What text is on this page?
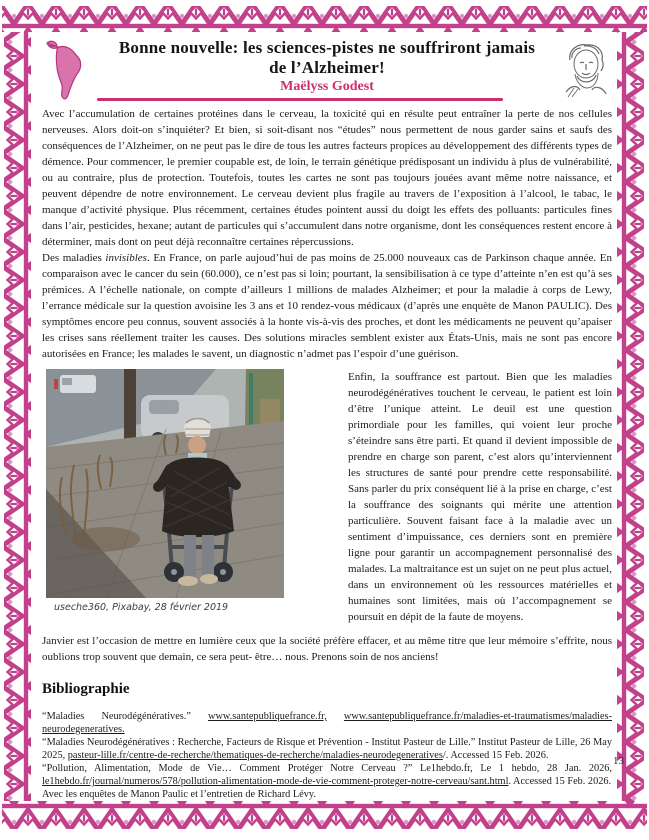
Bonne nouvelle: les sciences-pistes ne souffriront jamais
de l’Alzheimer!
Maëlyss Godest

Avec l’accumulation de certaines protéines dans le cerveau, la toxicité qui en résulte peut entraîner la perte de nos cellules nerveuses. Alors doit-on s’inquiéter? Et bien, si soit-disant nos “études” nous permettent de nous garder sains et saufs des conséquences de l’Alzheimer, on ne peut pas le dire de tous les autres facteurs propices au développement des différents types de démence. Pour commencer, le premier coupable est, de loin, le terrain génétique prédisposant un individu à plus de vulnérabilité, ou au contraire, plus de protection. Toutefois, toutes les cartes ne sont pas toujours jouées avant même notre naissance, et peuvent dépendre de notre environnement. Le cerveau devient plus fragile au travers de l’exposition à l’alcool, le tabac, le manque d’activité physique. Plus récemment, certaines études pointent aussi du doigt les effets des polluants: particules fines dans l’air, pesticides, hexane; autant de particules qui s’accumulent dans notre organisme, dont les conséquences restent encore à déterminer, mais dont on peut déjà reconnaître certaines répercussions.

Des maladies invisibles. En France, on parle aujoud’hui de pas moins de 25.000 nouveaux cas de Parkinson chaque année. En comparaison avec le cancer du sein (60.000), ce n’est pas si loin; pourtant, la sensibilisation à ce type d’atteinte n’en est qu’à ses prémices. A l’échelle nationale, on compte d’ailleurs 1 millions de malades Alzheimer; et pour la maladie à corps de Lewy, l’errance médicale sur la question avoisine les 3 ans et 10 rendez-vous médicaux (d’après une enquète de Manon PAULIC). Des symptômes encore peu connus, souvent associés à la honte vis-à-vis des proches, et dont les médicaments ne peuvent qu’apaiser les crises sans réellement traiter les causes. Des solutions miracles semblent exister aux États-Unis, mais ne sont pas encore autorisées en France; les malades le savent, un diagnostic n’admet pas l’espoir d’une guérison.

useche360, Pixabay, 28 février 2019

Enfin, la souffrance est partout. Bien que les maladies neurodégénératives touchent le cerveau, le patient est loin d’être l’unique atteint. Le deuil est une question primordiale pour les familles, qui voient leur proche s’éteindre sans être parti. Et quand il devient impossible de prendre en charge son parent, c’est alors qu’interviennent les structures de santé pour prendre cette responsabilité. Sans parler du prix conséquent lié à la prise en charge, c’est la souffrance des soignants qui mérite une attention particulière. Souvent faisant face à la maladie avec un sentiment d’impuissance, ces derniers sont en première ligne pour garantir un accompagnement personnalisé des malades. La maltraitance est un sujet on ne peut plus actuel, dans un environnement où les ressources matérielles et humaines sont limitées, mais où l’accompagnement se poursuit en dépit de la faute de moyens.

Janvier est l’occasion de mettre en lumière ceux que la société préfère effacer, et au même titre que leur mémoire s’effrite, nous oublions trop souvent que demain, ce sera peut- être… nous. Prenons soin de nos anciens!

Bibliographie

“Maladies Neurodégénératives.” www.santepubliquefrance.fr, www.santepubliquefrance.fr/maladies-et-traumatismes/maladies-neurodegeneratives.

“Maladies Neurodégénératives : Recherche, Facteurs de Risque et Prévention - Institut Pasteur de Lille.” Institut Pasteur de Lille, 26 May 2025, pasteur-lille.fr/centre-de-recherche/thematiques-de-recherche/maladies-neurodegeneratives/. Accessed 15 Feb. 2026.

“Pollution, Alimentation, Mode de Vie… Comment Protéger Notre Cerveau ?” Le1hebdo.fr, Le 1 hebdo, 28 Jan. 2026, le1hebdo.fr/journal/numeros/578/pollution-alimentation-mode-de-vie-comment-proteger-notre-cerveau/sant.html. Accessed 15 Feb. 2026.

Avec les enquêtes de Manon Paulic et l’entretien de Richard Lévy.

13
